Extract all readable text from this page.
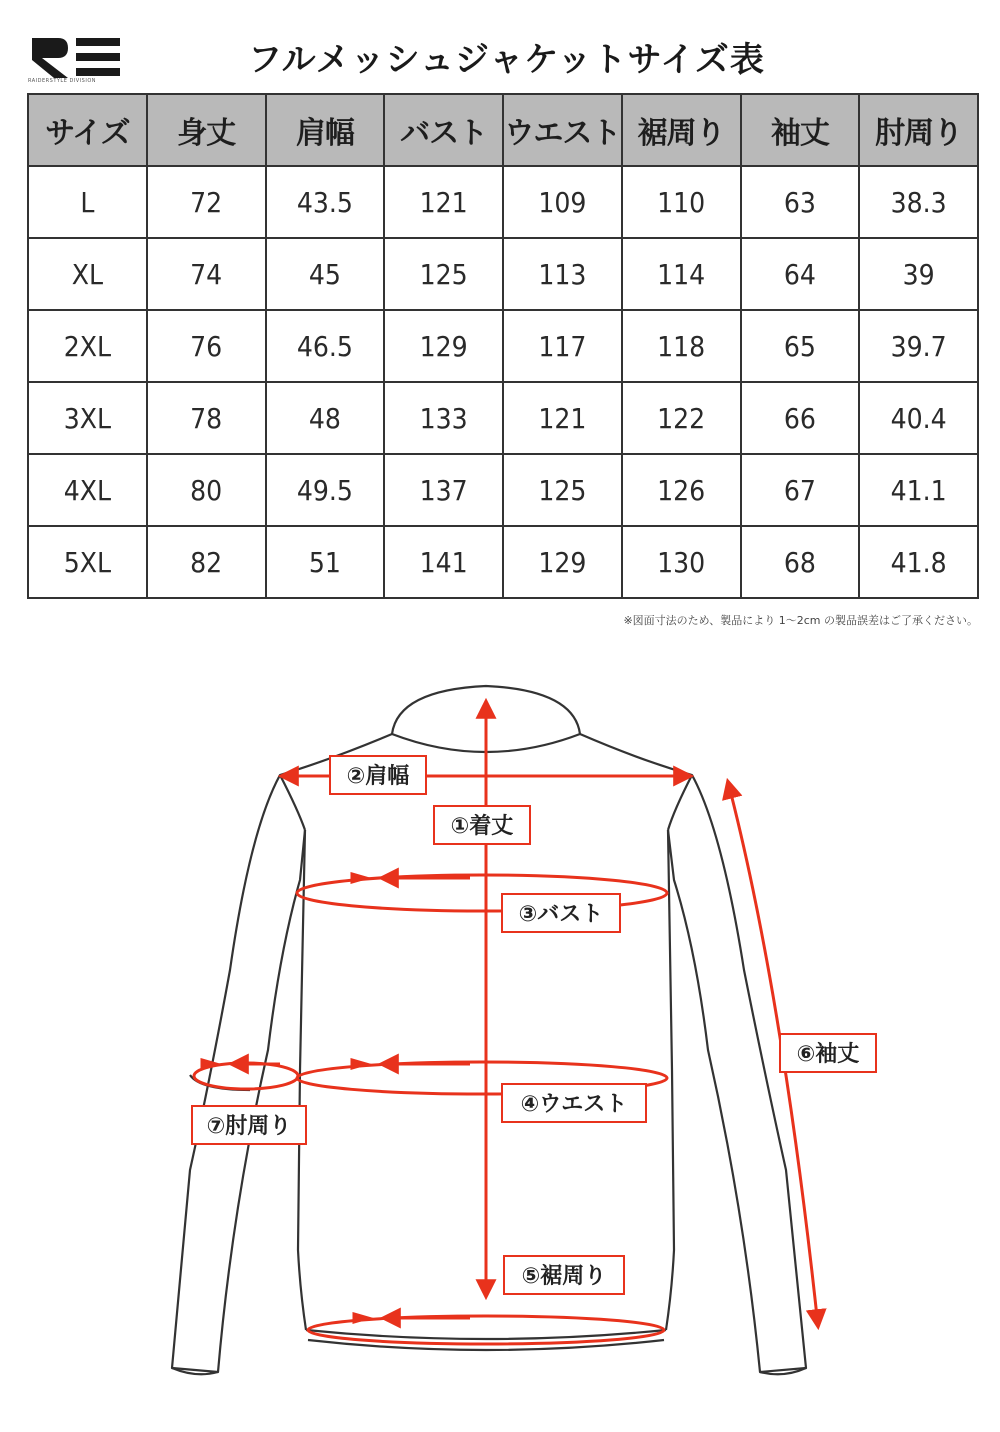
RAIDERSTYLE DIVISION
フルメッシュジャケットサイズ表
サイズ	身丈	肩幅	バスト	ウエスト	裾周り	袖丈	肘周り
L	72	43.5	121	109	110	63	38.3
XL	74	45	125	113	114	64	39
2XL	76	46.5	129	117	118	65	39.7
3XL	78	48	133	121	122	66	40.4
4XL	80	49.5	137	125	126	67	41.1
5XL	82	51	141	129	130	68	41.8
※図面寸法のため、製品により 1～2cm の製品誤差はご了承ください。
②肩幅
①着丈
③バスト
④ウエスト
⑤裾周り
⑥袖丈
⑦肘周り
